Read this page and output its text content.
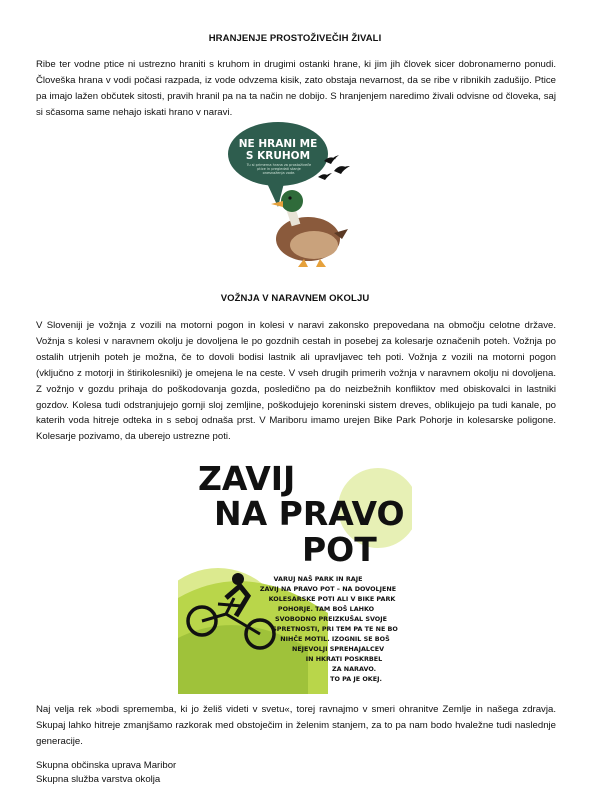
HRANJENJE PROSTOŽIVEČIH ŽIVALI

Ribe ter vodne ptice ni ustrezno hraniti s kruhom in drugimi ostanki hrane, ki jim jih človek sicer dobronamerno ponudi. Človeška hrana v vodi počasi razpada, iz vode odvzema kisik, zato obstaja nevarnost, da se ribe v ribnikih zadušijo. Ptice pa imajo lažen občutek sitosti, pravih hranil pa na ta način ne dobijo. S hranjenjem naredimo živali odvisne od človeka, saj si sčasoma same nehajo iskati hrano v naravi.

NE HRANI ME
S KRUHOM
Tu si primerna hrana za prostoživeče ptice in pregledati stanje onesnaženja vode.
VOŽNJA V NARAVNEM OKOLJU

V Sloveniji je vožnja z vozili na motorni pogon in kolesi v naravi zakonsko prepovedana na območju celotne države. Vožnja s kolesi v naravnem okolju je dovoljena le po gozdnih cestah in posebej za kolesarje označenih poteh. Vožnja po ostalih utrjenih poteh je možna, če to dovoli bodisi lastnik ali upravljavec teh poti. Vožnja z vozili na motorni pogon (vključno z motorji in štirikolesniki) je omejena le na ceste. V vseh drugih primerih vožnja v naravnem okolju ni dovoljena. Z vožnjo v gozdu prihaja do poškodovanja gozda, posledično pa do neizbežnih konfliktov med obiskovalci in lastniki gozdov. Kolesa tudi odstranjujejo gornji sloj zemljine, poškodujejo koreninski sistem dreves, oblikujejo pa tudi kanale, po katerih voda hitreje odteka in s seboj odnaša prst. V Mariboru imamo urejen Bike Park Pohorje in kolesarske poligone. Kolesarje pozivamo, da uberejo ustrezne poti.

ZAVIJ
NA PRAVO
POT
VARUJ NAŠ PARK IN RAJE
ZAVIJ NA PRAVO POT – NA DOVOLJENE
KOLESARSKE POTI ALI V BIKE PARK
POHORJE. TAM BOŠ LAHKO
SVOBODNO PREIZKUŠAL SVOJE
SPRETNOSTI, PRI TEM PA TE NE BO
NIHČE MOTIL. IZOGNIL SE BOŠ
NEJEVOLJI SPREHAJALCEV
IN HKRATI POSKRBEL
ZA NARAVO.
TO PA JE OKEJ.

Naj velja rek »bodi sprememba, ki jo želiš videti v svetu«, torej ravnajmo v smeri ohranitve Zemlje in našega zdravja. Skupaj lahko hitreje zmanjšamo razkorak med obstoječim in želenim stanjem, za to pa nam bodo hvaležne tudi naslednje generacije.

Skupna občinska uprava Maribor

Skupna služba varstva okolja
